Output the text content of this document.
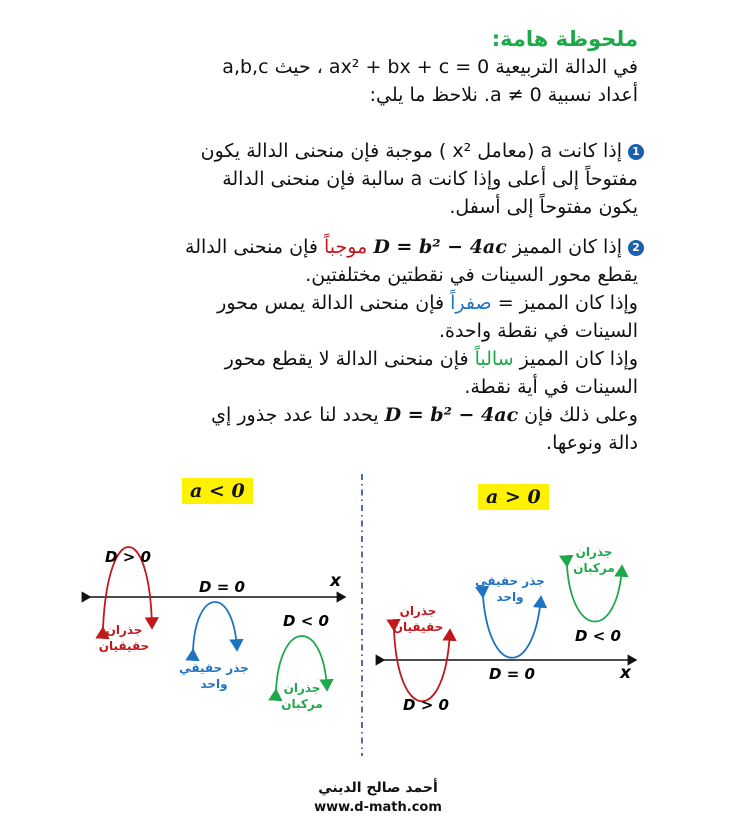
ملحوظة هامة:
في الدالة التربيعية ax² + bx + c = 0 ، حيث a,b,c
أعداد نسبية a ≠ 0. نلاحظ ما يلي:
1إذا كانت a (معامل x² ) موجبة فإن منحنى الدالة يكون
مفتوحاً إلى أعلى وإذا كانت a سالبة فإن منحنى الدالة
يكون مفتوحاً إلى أسفل.
2إذا كان المميز D = b² − 4ac موجباً فإن منحنى الدالة
يقطع محور السينات في نقطتين مختلفتين.
وإذا كان المميز = صفراً فإن منحنى الدالة يمس محور
السينات في نقطة واحدة.
وإذا كان المميز سالباً فإن منحنى الدالة لا يقطع محور
السينات في أية نقطة.
وعلى ذلك فإن D = b² − 4ac يحدد لنا عدد جذور إي
دالة ونوعها.
a < 0	a > 0
x
D > 0
جذران
حقيقيان
D = 0
جذر حقيقي
واحد
D < 0
جذران
مركبان
x
جذران
حقيقيان
D > 0
جذر حقيقي
واحد
D = 0
جذران
مركبان
D < 0
أحمد صالح الديني
www.d-math.com
